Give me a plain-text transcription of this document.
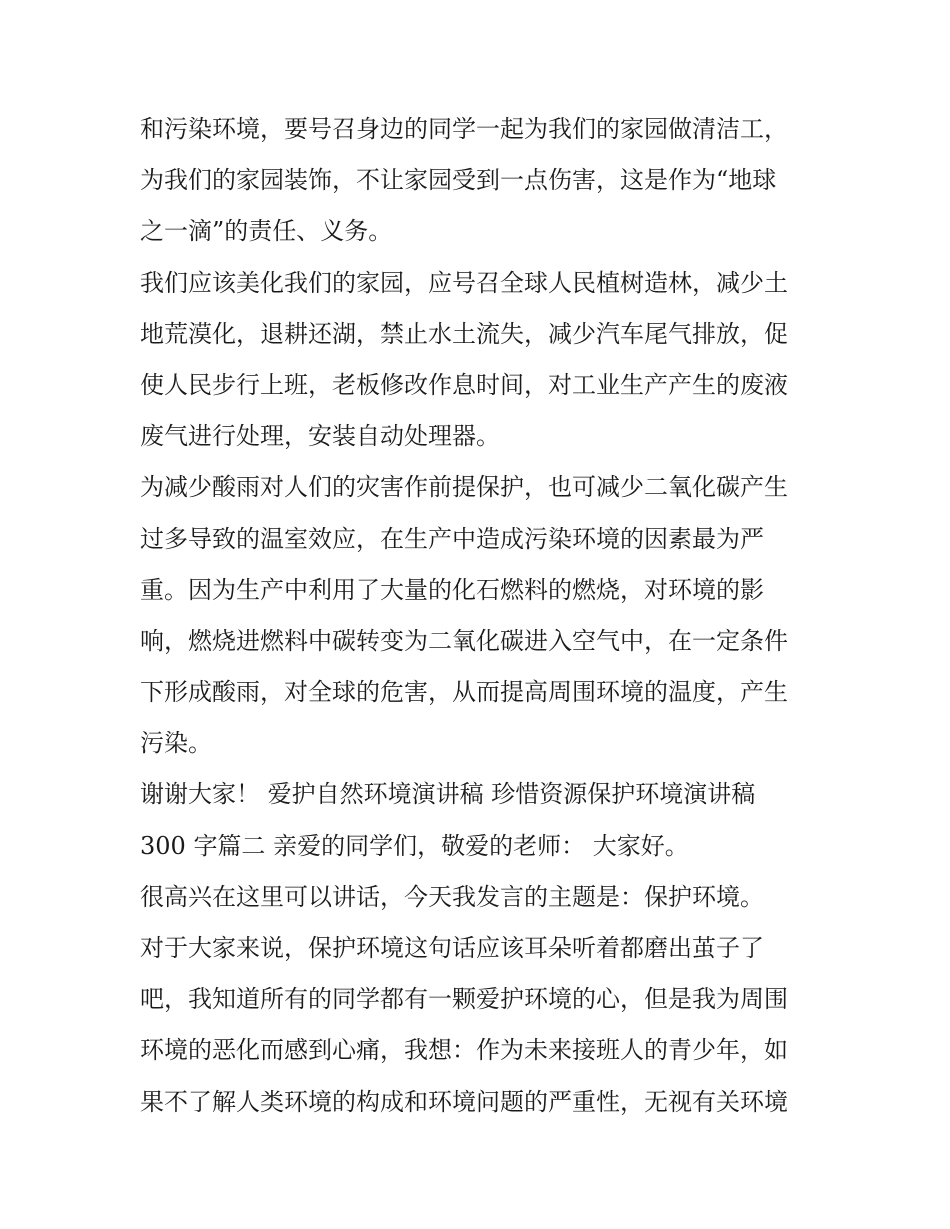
和污染环境，要号召身边的同学一起为我们的家园做清洁工，
为我们的家园装饰，不让家园受到一点伤害，这是作为“地球
之一滴”的责任、义务。
我们应该美化我们的家园，应号召全球人民植树造林，减少土
地荒漠化，退耕还湖，禁止水土流失，减少汽车尾气排放，促
使人民步行上班，老板修改作息时间，对工业生产产生的废液
废气进行处理，安装自动处理器。
为减少酸雨对人们的灾害作前提保护，也可减少二氧化碳产生
过多导致的温室效应，在生产中造成污染环境的因素最为严
重。因为生产中利用了大量的化石燃料的燃烧，对环境的影
响，燃烧进燃料中碳转变为二氧化碳进入空气中，在一定条件
下形成酸雨，对全球的危害，从而提高周围环境的温度，产生
污染。
谢谢大家！ 爱护自然环境演讲稿 珍惜资源保护环境演讲稿
300 字篇二 亲爱的同学们，敬爱的老师： 大家好。
很高兴在这里可以讲话，今天我发言的主题是：保护环境。
对于大家来说，保护环境这句话应该耳朵听着都磨出茧子了
吧，我知道所有的同学都有一颗爱护环境的心，但是我为周围
环境的恶化而感到心痛，我想：作为未来接班人的青少年，如
果不了解人类环境的构成和环境问题的严重性，无视有关环境
